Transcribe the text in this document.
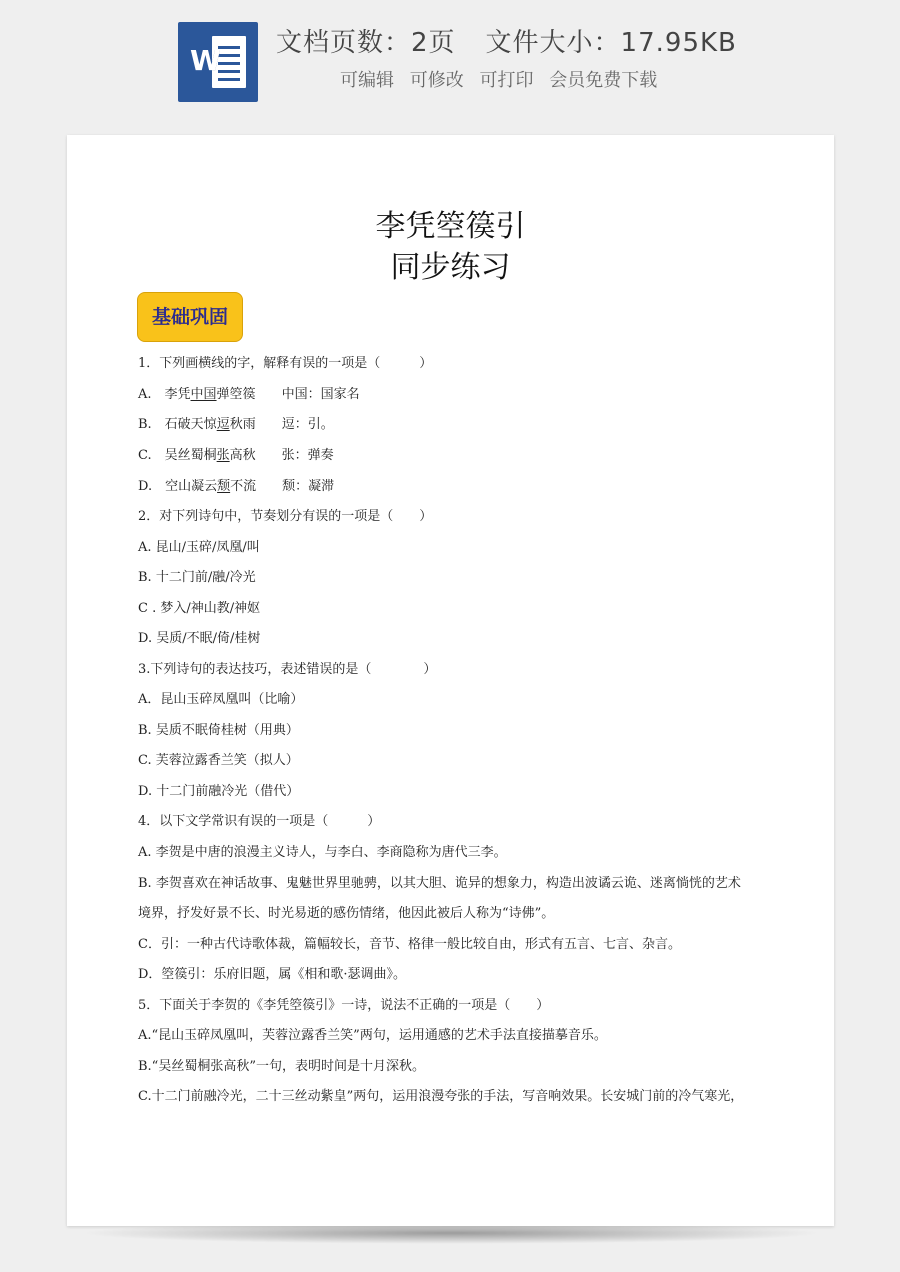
W
文档页数：2页 文件大小：17.95KB
可编辑 可修改 可打印 会员免费下载
李凭箜篌引
同步练习
基础巩固
1．下列画横线的字，解释有误的一项是（　　　）
A.　李凭中国弹箜篌 中国：国家名
B.　石破天惊逗秋雨 逗：引。
C.　吴丝蜀桐张高秋 张：弹奏
D.　空山凝云颓不流 颓：凝滞
2．对下列诗句中，节奏划分有误的一项是（　　）
A. 昆山/玉碎/凤凰/叫
B. 十二门前/融/冷光
C . 梦入/神山教/神妪
D. 吴质/不眠/倚/桂树
3.下列诗句的表达技巧，表述错误的是（　　　　）
A．昆山玉碎凤凰叫（比喻）
B. 吴质不眠倚桂树（用典）
C. 芙蓉泣露香兰笑（拟人）
D. 十二门前融冷光（借代）
4．以下文学常识有误的一项是（　　　）
A. 李贺是中唐的浪漫主义诗人，与李白、李商隐称为唐代三李。
B. 李贺喜欢在神话故事、鬼魅世界里驰骋，以其大胆、诡异的想象力，构造出波谲云诡、迷离惝恍的艺术
境界，抒发好景不长、时光易逝的感伤情绪，他因此被后人称为“诗佛”。
C．引：一种古代诗歌体裁，篇幅较长，音节、格律一般比较自由，形式有五言、七言、杂言。
D．箜篌引：乐府旧题，属《相和歌·瑟调曲》。
5．下面关于李贺的《李凭箜篌引》一诗，说法不正确的一项是（　　）
A.“昆山玉碎凤凰叫，芙蓉泣露香兰笑”两句，运用通感的艺术手法直接描摹音乐。
B.“吴丝蜀桐张高秋”一句，表明时间是十月深秋。
C.十二门前融冷光，二十三丝动紫皇”两句，运用浪漫夸张的手法，写音响效果。长安城门前的冷气寒光，
